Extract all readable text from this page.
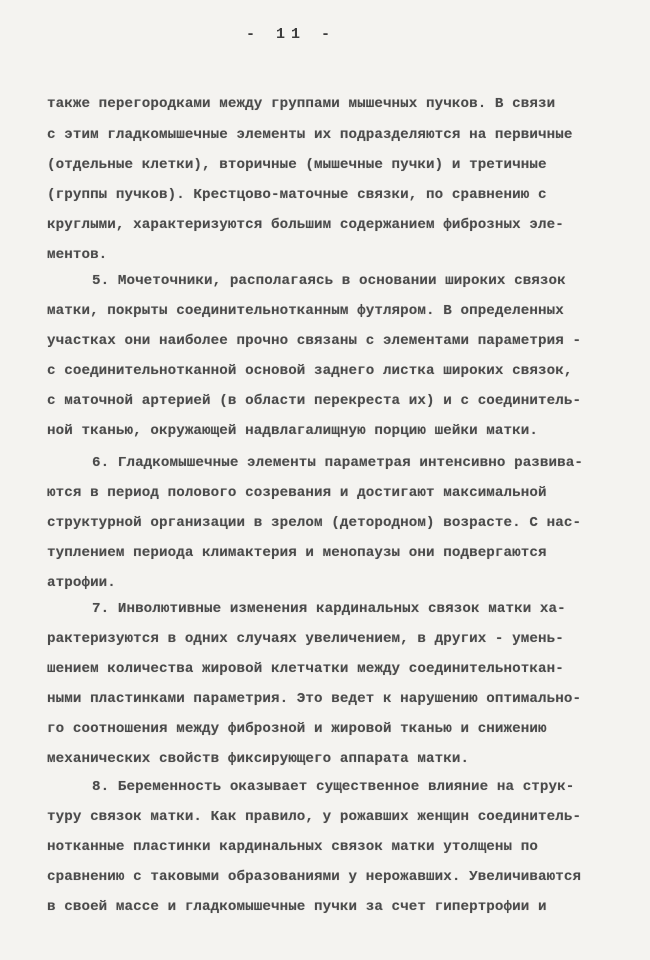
- 11 -
также перегородками между группами мышечных пучков. В связи
с этим гладкомышечные элементы их подразделяются на первичные
(отдельные клетки), вторичные (мышечные пучки) и третичные
(группы пучков). Крестцово-маточные связки, по сравнению с
круглыми, характеризуются большим содержанием фиброзных эле-
ментов.
5. Мочеточники, располагаясь в основании широких связок
матки, покрыты соединительнотканным футляром. В определенных
участках они наиболее прочно связаны с элементами параметрия -
с соединительнотканной основой заднего листка широких связок,
с маточной артерией (в области перекреста их) и с соединитель-
ной тканью, окружающей надвлагалищную порцию шейки матки.
6. Гладкомышечные элементы параметрая интенсивно развива-
ются в период полового созревания и достигают максимальной
структурной организации в зрелом (детородном) возрасте. С нас-
туплением периода климактерия и менопаузы они подвергаются
атрофии.
7. Инволютивные изменения кардинальных связок матки ха-
рактеризуются в одних случаях увеличением, в других - умень-
шением количества жировой клетчатки между соединительноткан-
ными пластинками параметрия. Это ведет к нарушению оптимально-
го соотношения между фиброзной и жировой тканью и снижению
механических свойств фиксирующего аппарата матки.
8. Беременность оказывает существенное влияние на струк-
туру связок матки. Как правило, у рожавших женщин соединитель-
нотканные пластинки кардинальных связок матки утолщены по
сравнению с таковыми образованиями у нерожавших. Увеличиваются
в своей массе и гладкомышечные пучки за счет гипертрофии и
